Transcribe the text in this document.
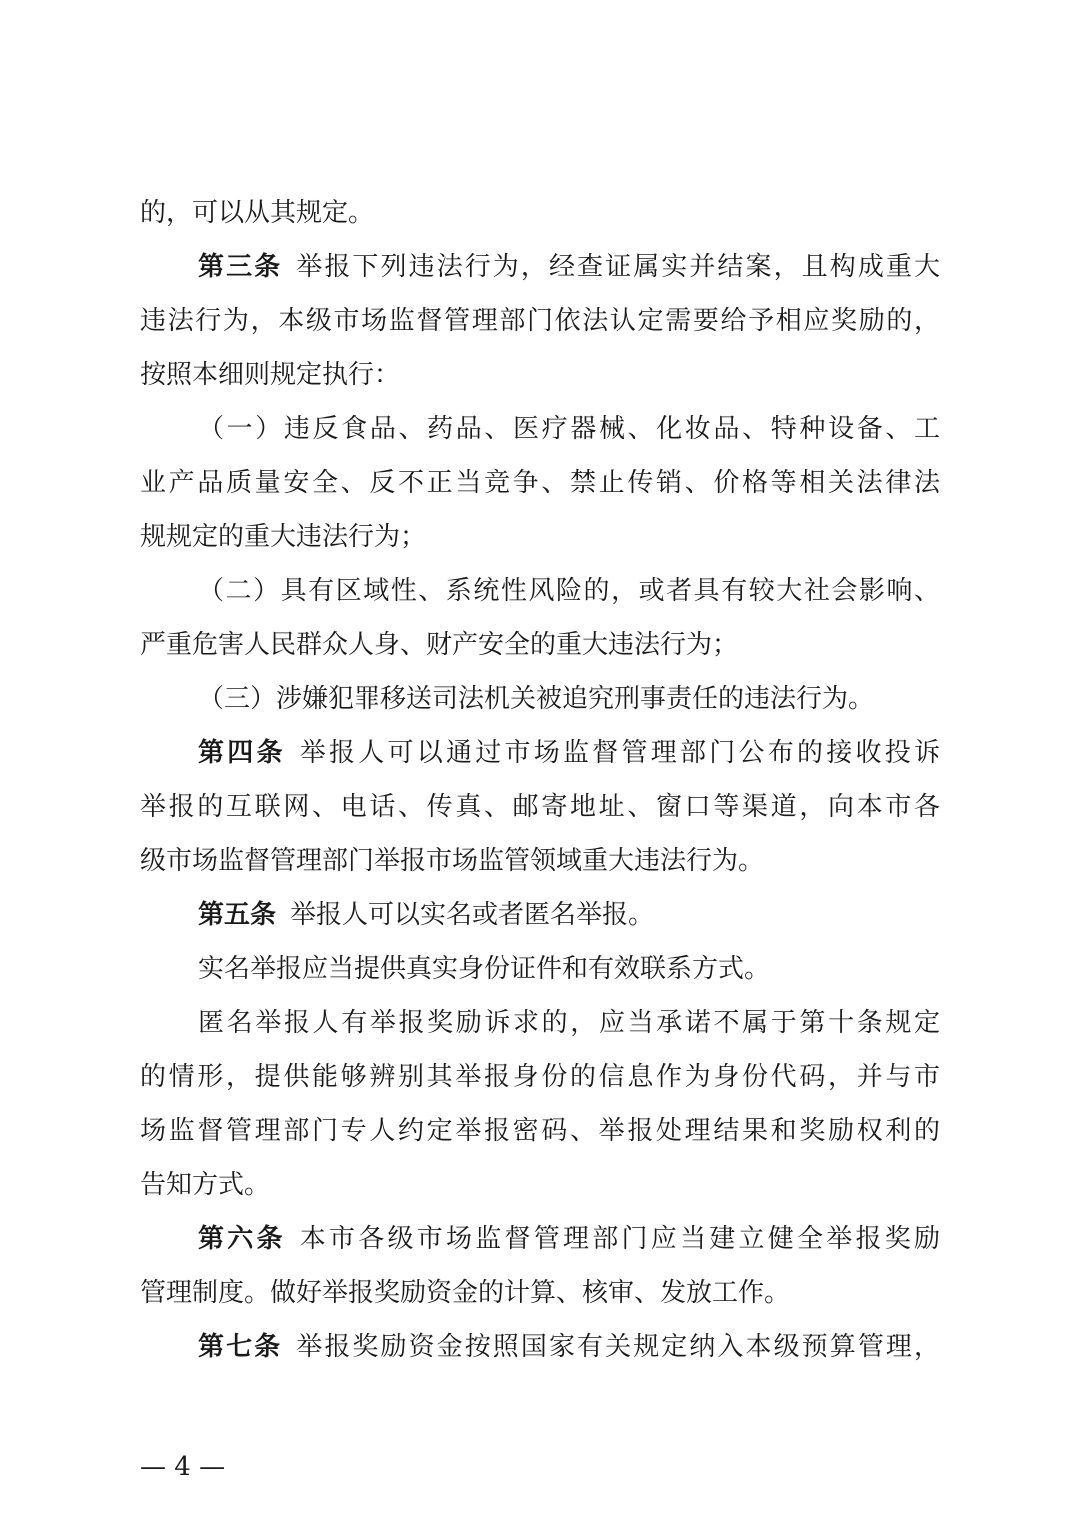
的，可以从其规定。
第三条 举报下列违法行为，经查证属实并结案，且构成重大
违法行为，本级市场监督管理部门依法认定需要给予相应奖励的，
按照本细则规定执行：
（一）违反食品、药品、医疗器械、化妆品、特种设备、工
业产品质量安全、反不正当竞争、禁止传销、价格等相关法律法
规规定的重大违法行为；
（二）具有区域性、系统性风险的，或者具有较大社会影响、
严重危害人民群众人身、财产安全的重大违法行为；
（三）涉嫌犯罪移送司法机关被追究刑事责任的违法行为。
第四条 举报人可以通过市场监督管理部门公布的接收投诉
举报的互联网、电话、传真、邮寄地址、窗口等渠道，向本市各
级市场监督管理部门举报市场监管领域重大违法行为。
第五条 举报人可以实名或者匿名举报。
实名举报应当提供真实身份证件和有效联系方式。
匿名举报人有举报奖励诉求的，应当承诺不属于第十条规定
的情形，提供能够辨别其举报身份的信息作为身份代码，并与市
场监督管理部门专人约定举报密码、举报处理结果和奖励权利的
告知方式。
第六条 本市各级市场监督管理部门应当建立健全举报奖励
管理制度。做好举报奖励资金的计算、核审、发放工作。
第七条 举报奖励资金按照国家有关规定纳入本级预算管理，
— 4 —
